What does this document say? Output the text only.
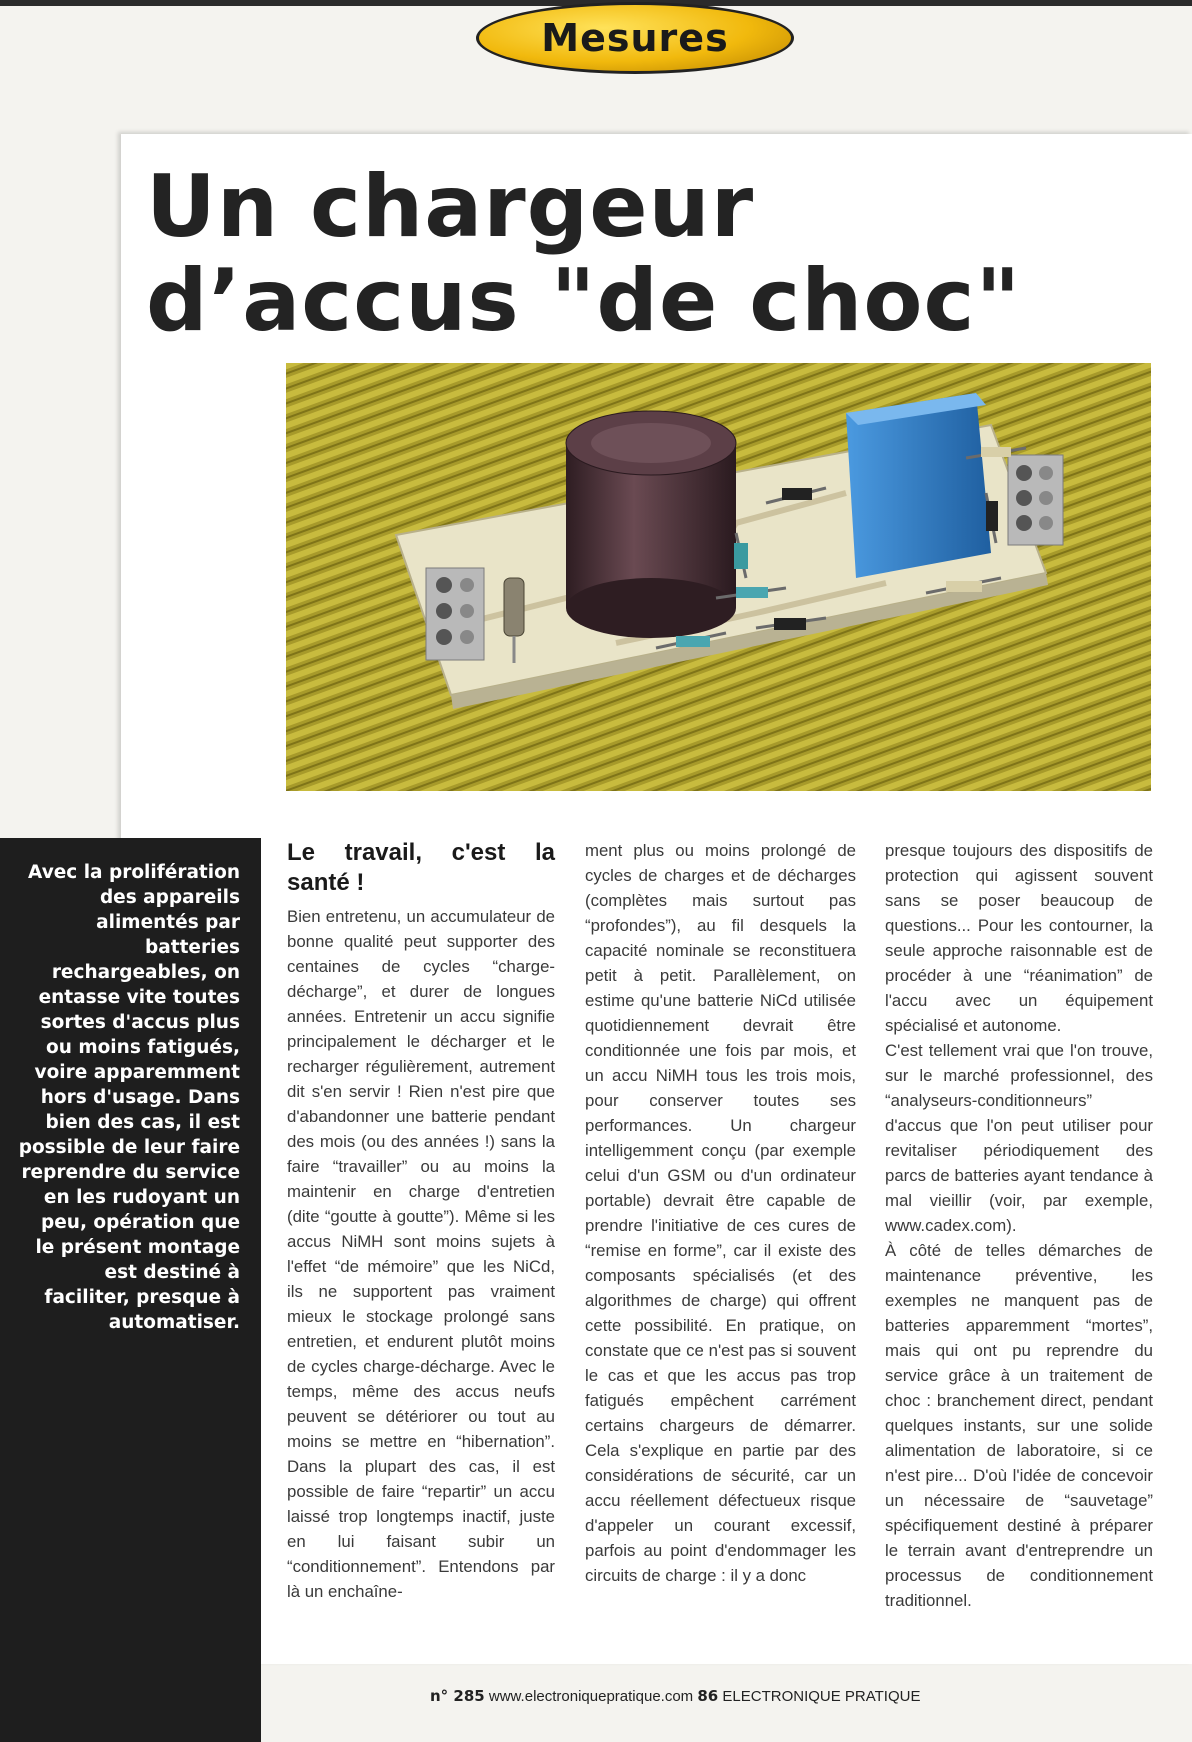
Mesures
Un chargeur
d’accus "de choc"
Avec la prolifération des appareils alimentés par batteries rechargeables, on entasse vite toutes sortes d'accus plus ou moins fatigués, voire apparemment hors d'usage. Dans bien des cas, il est possible de leur faire reprendre du service en les rudoyant un peu, opération que le présent montage est destiné à faciliter, presque à automatiser.
Le travail, c'est la santé !

Bien entretenu, un accumulateur de bonne qualité peut supporter des centaines de cycles “charge-décharge”, et durer de longues années. Entretenir un accu signifie principalement le décharger et le recharger régulièrement, autrement dit s'en servir ! Rien n'est pire que d'abandonner une batterie pendant des mois (ou des années !) sans la faire “travailler” ou au moins la maintenir en charge d'entretien (dite “goutte à goutte”). Même si les accus NiMH sont moins sujets à l'effet “de mémoire” que les NiCd, ils ne supportent pas vraiment mieux le stockage prolongé sans entretien, et endurent plutôt moins de cycles charge-décharge. Avec le temps, même des accus neufs peuvent se détériorer ou tout au moins se mettre en “hibernation”. Dans la plupart des cas, il est possible de faire “repartir” un accu laissé trop longtemps inactif, juste en lui faisant subir un “conditionnement”. Entendons par là un enchaîne-

ment plus ou moins prolongé de cycles de charges et de décharges (complètes mais surtout pas “profondes”), au fil desquels la capacité nominale se reconstituera petit à petit. Parallèlement, on estime qu'une batterie NiCd utilisée quotidiennement devrait être conditionnée une fois par mois, et un accu NiMH tous les trois mois, pour conserver toutes ses performances. Un chargeur intelligemment conçu (par exemple celui d'un GSM ou d'un ordinateur portable) devrait être capable de prendre l'initiative de ces cures de “remise en forme”, car il existe des composants spécialisés (et des algorithmes de charge) qui offrent cette possibilité. En pratique, on constate que ce n'est pas si souvent le cas et que les accus pas trop fatigués empêchent carrément certains chargeurs de démarrer. Cela s'explique en partie par des considérations de sécurité, car un accu réellement défectueux risque d'appeler un courant excessif, parfois au point d'endommager les circuits de charge : il y a donc

presque toujours des dispositifs de protection qui agissent souvent sans se poser beaucoup de questions... Pour les contourner, la seule approche raisonnable est de procéder à une “réanimation” de l'accu avec un équipement spécialisé et autonome.

C'est tellement vrai que l'on trouve, sur le marché professionnel, des “analyseurs-conditionneurs” d'accus que l'on peut utiliser pour revitaliser périodiquement des parcs de batteries ayant tendance à mal vieillir (voir, par exemple, www.cadex.com).

À côté de telles démarches de maintenance préventive, les exemples ne manquent pas de batteries apparemment “mortes”, mais qui ont pu reprendre du service grâce à un traitement de choc : branchement direct, pendant quelques instants, sur une solide alimentation de laboratoire, si ce n'est pire... D'où l'idée de concevoir un nécessaire de “sauvetage” spécifiquement destiné à préparer le terrain avant d'entreprendre un processus de conditionnement traditionnel.

n° 285 www.electroniquepratique.com 86 ELECTRONIQUE PRATIQUE
